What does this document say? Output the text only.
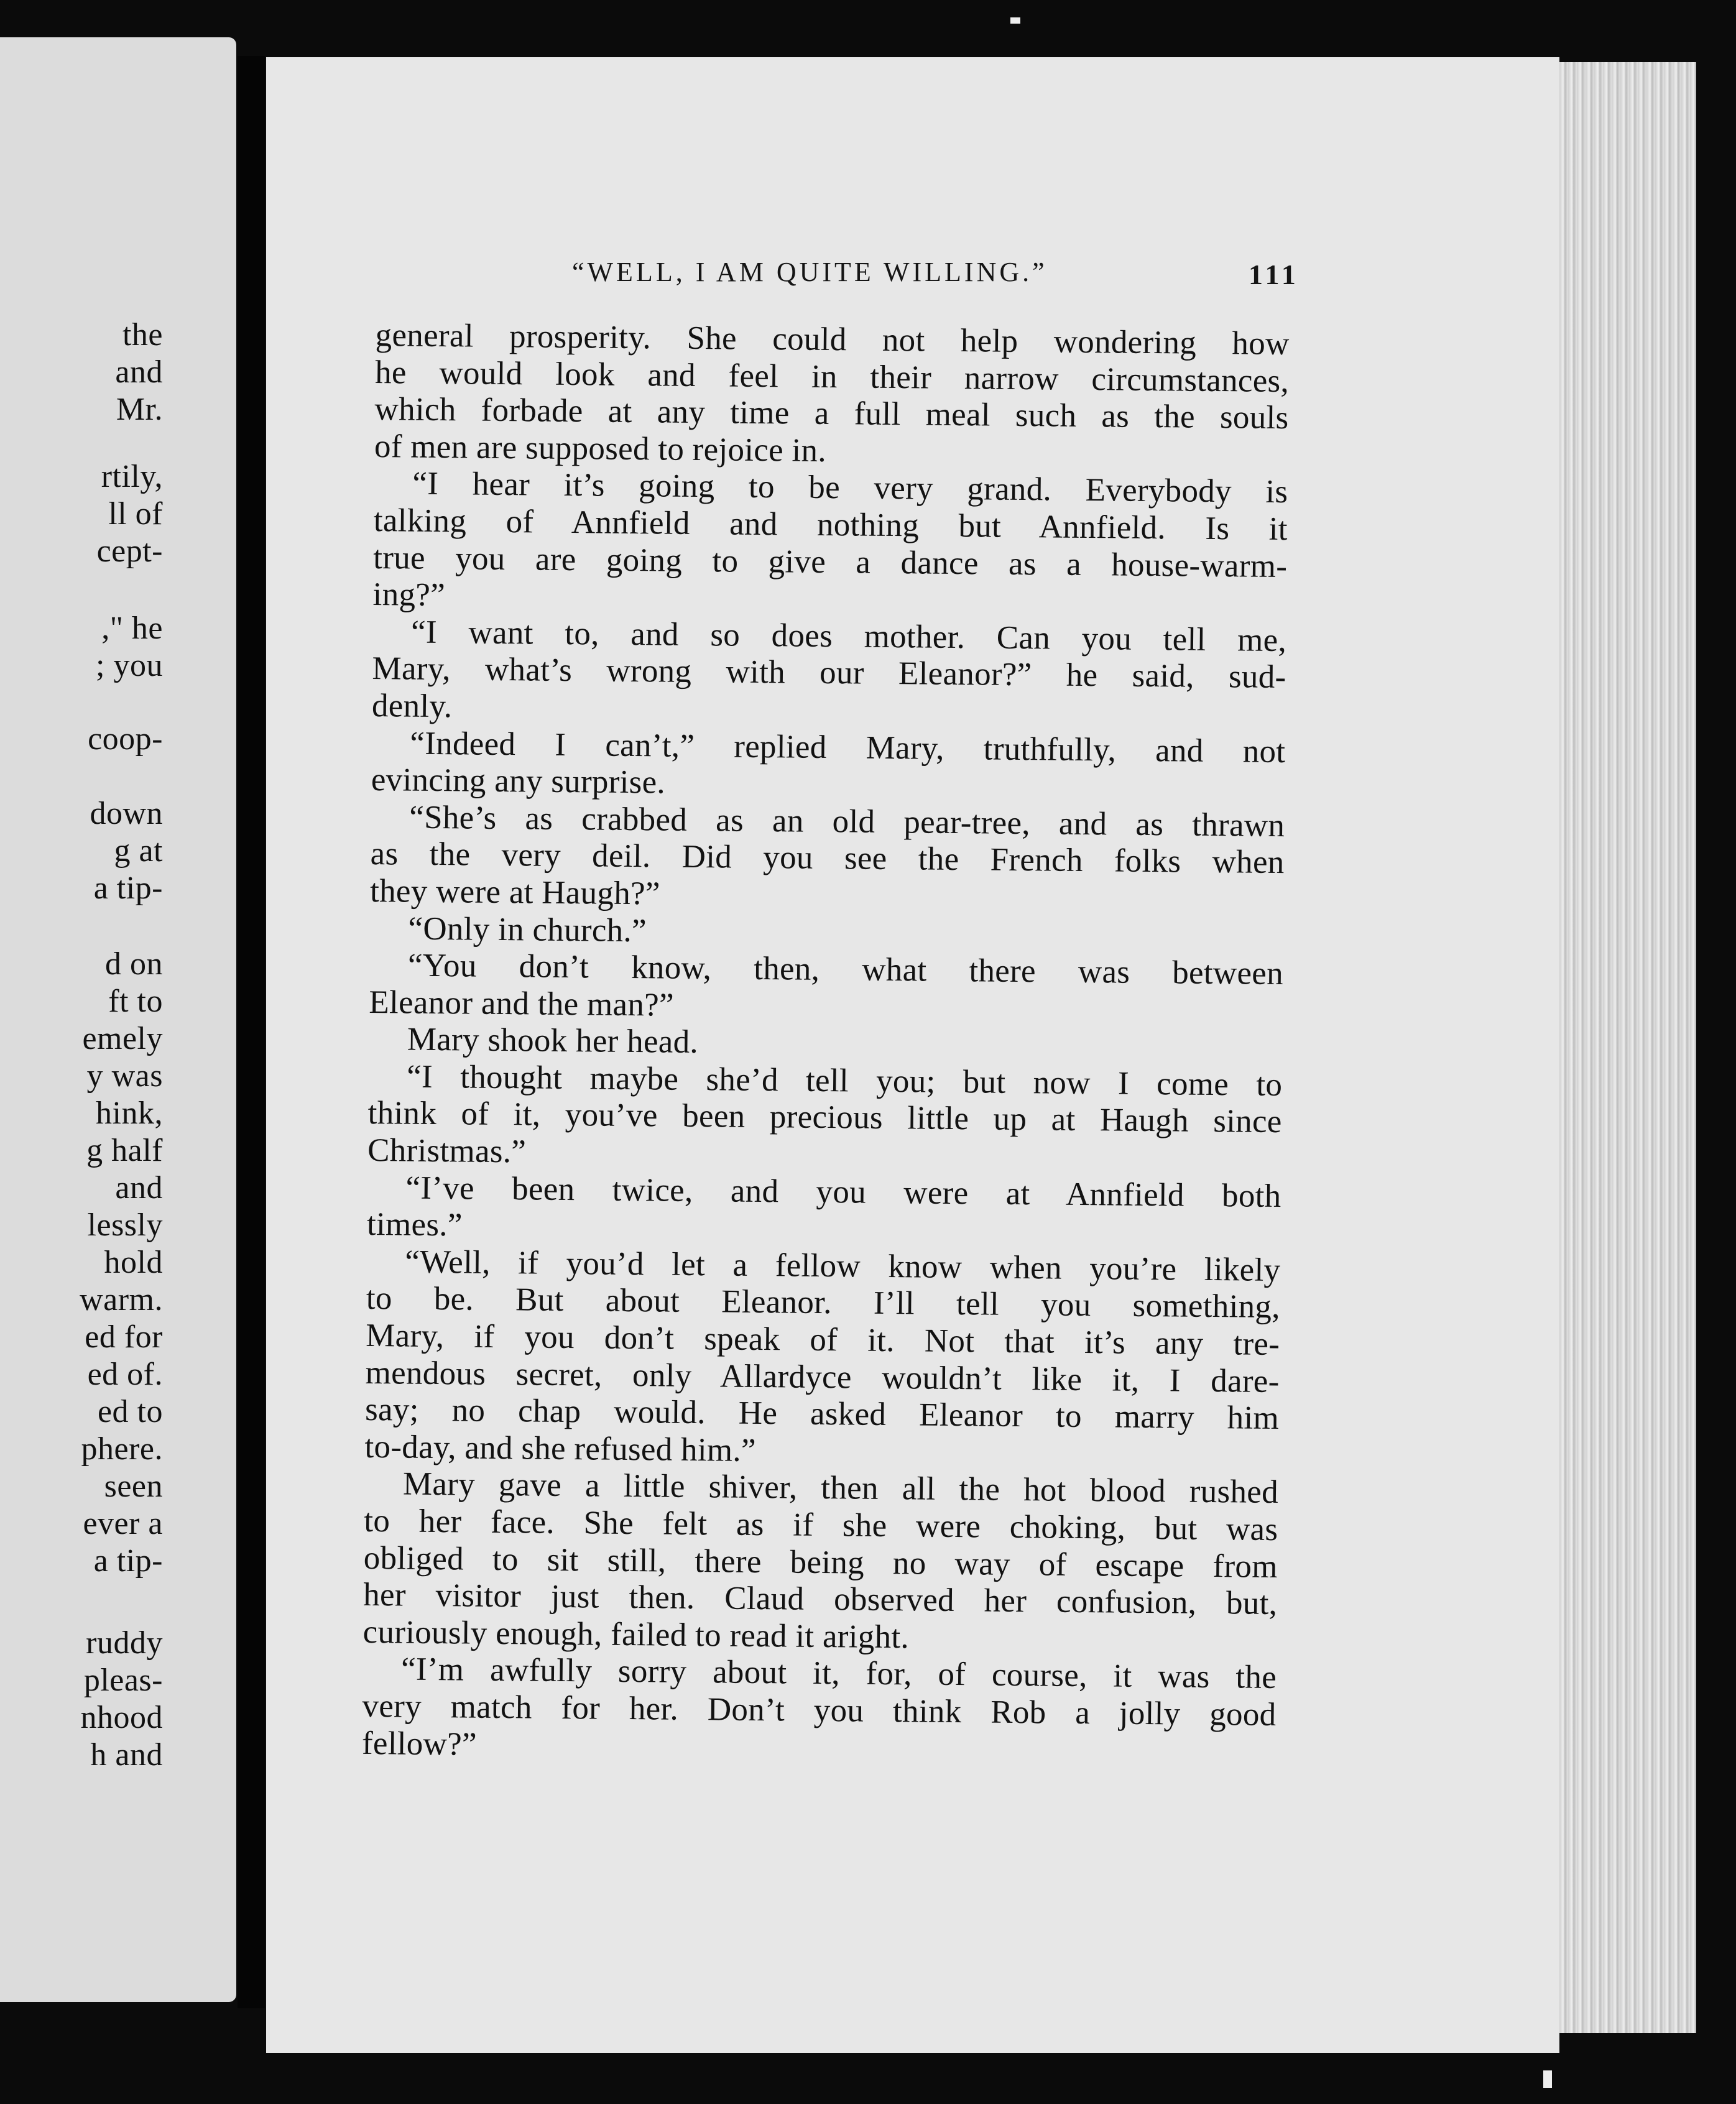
the
and
Mr.
rtily,
ll of
cept-
," he
; you
coop-
down
g at
a tip-
d on
ft to
emely
y was
hink,
g half
and
lessly
hold
warm.
ed for
ed of.
ed to
phere.
seen
ever a
a tip-
ruddy
pleas-
nhood
h and
“WELL, I AM QUITE WILLING.”	111
general prosperity. She could not help wondering how
he would look and feel in their narrow circumstances,
which forbade at any time a full meal such as the souls
of men are supposed to rejoice in.
“I hear it’s going to be very grand. Everybody is
talking of Annfield and nothing but Annfield. Is it
true you are going to give a dance as a house-warm-
ing?”
“I want to, and so does mother. Can you tell me,
Mary, what’s wrong with our Eleanor?” he said, sud-
denly.
“Indeed I can’t,” replied Mary, truthfully, and not
evincing any surprise.
“She’s as crabbed as an old pear-tree, and as thrawn
as the very deil. Did you see the French folks when
they were at Haugh?”
“Only in church.”
“You don’t know, then, what there was between
Eleanor and the man?”
Mary shook her head.
“I thought maybe she’d tell you; but now I come to
think of it, you’ve been precious little up at Haugh since
Christmas.”
“I’ve been twice, and you were at Annfield both
times.”
“Well, if you’d let a fellow know when you’re likely
to be. But about Eleanor. I’ll tell you something,
Mary, if you don’t speak of it. Not that it’s any tre-
mendous secret, only Allardyce wouldn’t like it, I dare-
say; no chap would. He asked Eleanor to marry him
to-day, and she refused him.”
Mary gave a little shiver, then all the hot blood rushed
to her face. She felt as if she were choking, but was
obliged to sit still, there being no way of escape from
her visitor just then. Claud observed her confusion, but,
curiously enough, failed to read it aright.
“I’m awfully sorry about it, for, of course, it was the
very match for her. Don’t you think Rob a jolly good
fellow?”
